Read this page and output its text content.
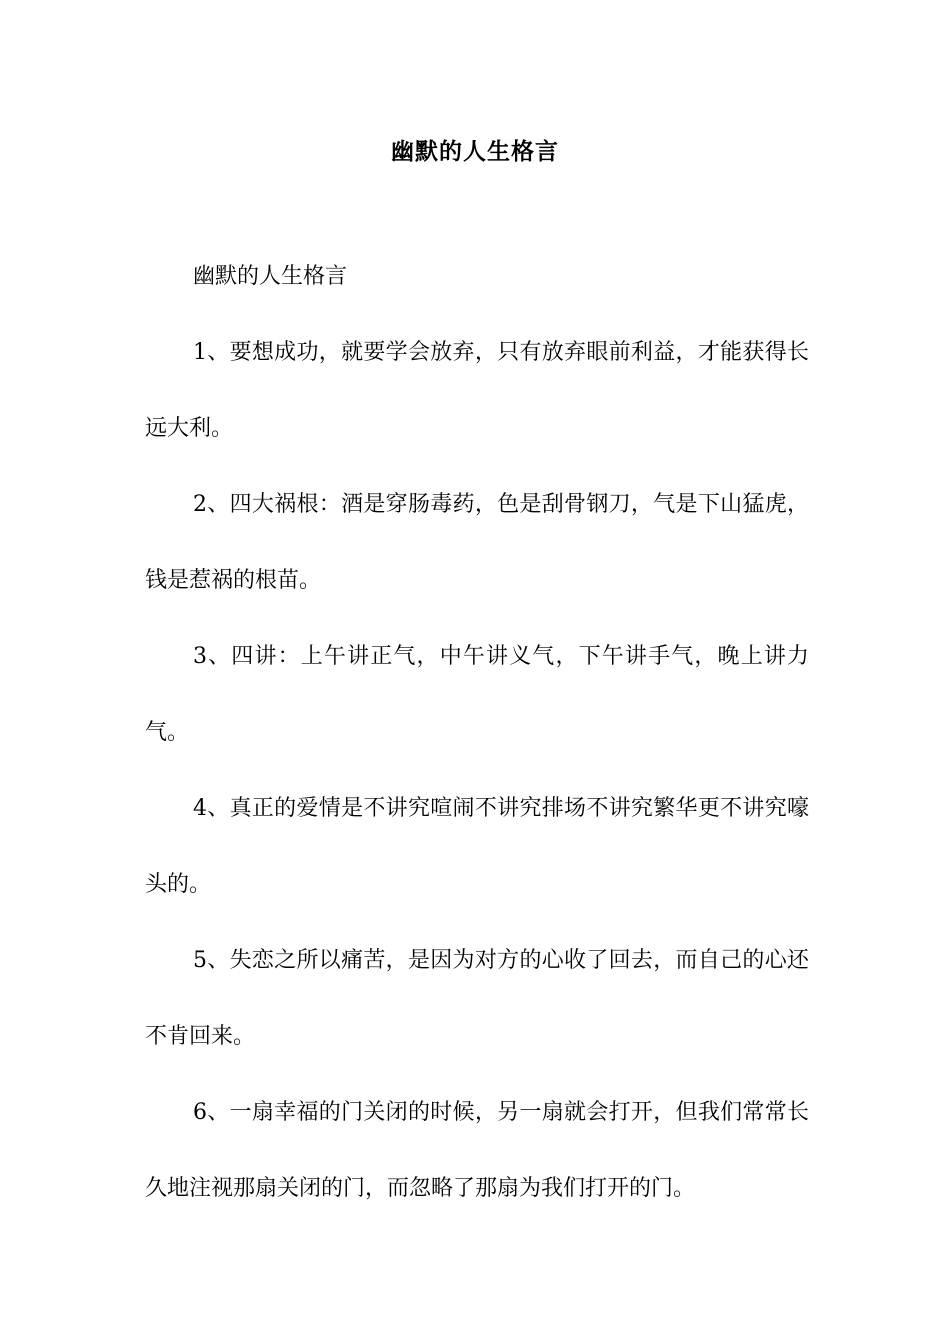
幽默的人生格言

幽默的人生格言

1、要想成功，就要学会放弃，只有放弃眼前利益，才能获得长远大利。

2、四大祸根：酒是穿肠毒药，色是刮骨钢刀，气是下山猛虎，钱是惹祸的根苗。

3、四讲：上午讲正气，中午讲义气，下午讲手气，晚上讲力气。

4、真正的爱情是不讲究喧闹不讲究排场不讲究繁华更不讲究嚎头的。

5、失恋之所以痛苦，是因为对方的心收了回去，而自己的心还不肯回来。

6、一扇幸福的门关闭的时候，另一扇就会打开，但我们常常长久地注视那扇关闭的门，而忽略了那扇为我们打开的门。
